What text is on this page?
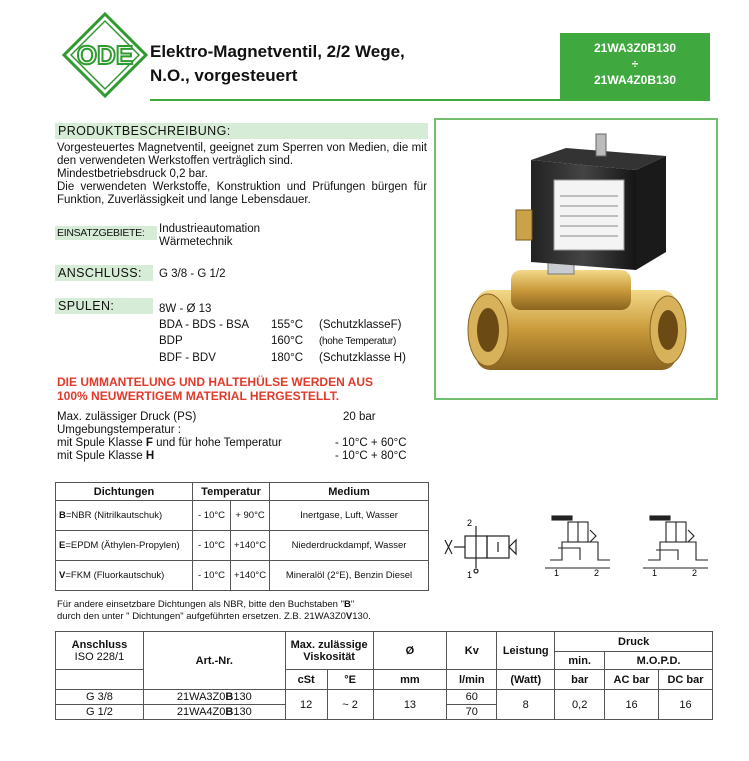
ODE Elektro-Magnetventil, 2/2 Wege,
N.O., vorgesteuert
21WA3Z0B130
÷
21WA4Z0B130
PRODUKTBESCHREIBUNG:
Vorgesteuertes Magnetventil, geeignet zum Sperren von Medien, die mit den verwendeten Werkstoffen verträglich sind.
Mindestbetriebsdruck 0,2 bar.
Die verwendeten Werkstoffe, Konstruktion und Prüfungen bürgen für Funktion, Zuverlässigkeit und lange Lebensdauer.
EINSATZGEBIETE:	Industrieautomation
Wärmetechnik
ANSCHLUSS:	G 3/8 - G 1/2
SPULEN:	8W - Ø 13
BDA - BDS - BSA 155°C (SchutzklasseF)
BDP	160°C (hohe Temperatur)
BDF - BDV	180°C (Schutzklasse H)
DIE UMMANTELUNG UND HALTEHÜLSE WERDEN AUS
100% NEUWERTIGEM MATERIAL HERGESTELLT.
Max. zulässiger Druck (PS)	20 bar
Umgebungstemperatur :
mit Spule Klasse F und für hohe Temperatur	- 10°C + 60°C
mit Spule Klasse H	- 10°C + 80°C
Dichtungen	Temperatur		Medium
B=NBR (Nitrilkautschuk)	- 10°C	+ 90°C	Inertgase, Luft, Wasser
E=EPDM (Äthylen-Propylen)	- 10°C	+140°C	Niederdruckdampf, Wasser
V=FKM (Fluorkautschuk)	- 10°C	+140°C	Mineralöl (2°E), Benzin Diesel
2
1	1	2	1	2
Für andere einsetzbare Dichtungen als NBR, bitte den Buchstaben "B"
durch den unter " Dichtungen" aufgeführten ersetzen. Z.B. 21WA3Z0V130.
Anschluss
ISO 228/1	Art.-Nr.	Max. zulässige Viskosität		Ø	Kv	Leistung	Druck		
							min.	M.O.P.D.	
		cSt	°E	mm	l/min	(Watt)	bar	AC bar	DC bar
G 3/8	21WA3Z0B130	12	~ 2	13	60	8	0,2	16	16
G 1/2	21WA4Z0B130				70				
